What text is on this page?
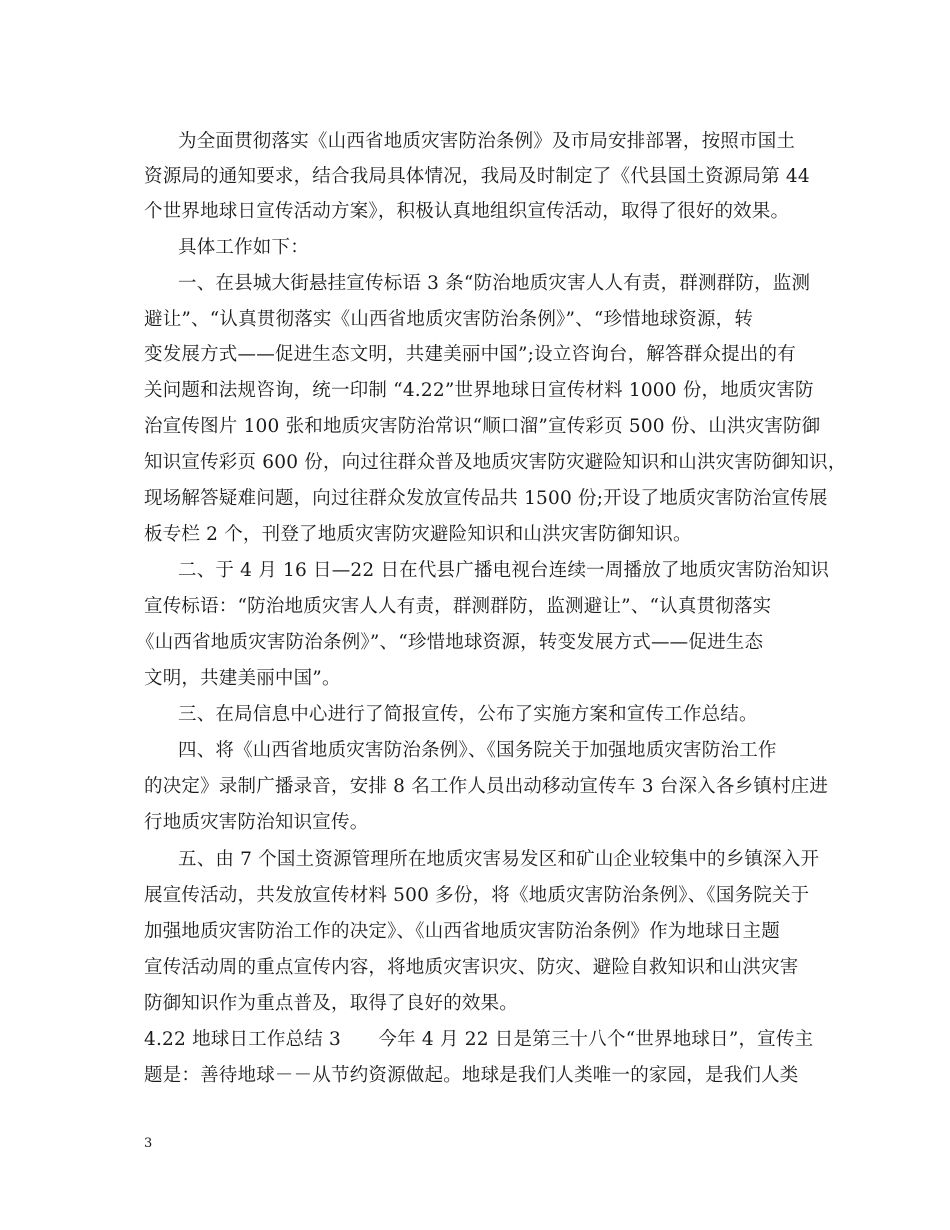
为全面贯彻落实《山西省地质灾害防治条例》及市局安排部署，按照市国土
资源局的通知要求，结合我局具体情况，我局及时制定了《代县国土资源局第 44
个世界地球日宣传活动方案》，积极认真地组织宣传活动，取得了很好的效果。
具体工作如下：
一、在县城大街悬挂宣传标语 3 条“防治地质灾害人人有责，群测群防，监测
避让”、“认真贯彻落实《山西省地质灾害防治条例》”、“珍惜地球资源，转
变发展方式——促进生态文明，共建美丽中国”;设立咨询台，解答群众提出的有
关问题和法规咨询，统一印制 “4.22”世界地球日宣传材料 1000 份，地质灾害防
治宣传图片 100 张和地质灾害防治常识“顺口溜”宣传彩页 500 份、山洪灾害防御
知识宣传彩页 600 份，向过往群众普及地质灾害防灾避险知识和山洪灾害防御知识，
现场解答疑难问题，向过往群众发放宣传品共 1500 份;开设了地质灾害防治宣传展
板专栏 2 个，刊登了地质灾害防灾避险知识和山洪灾害防御知识。
二、于 4 月 16 日—22 日在代县广播电视台连续一周播放了地质灾害防治知识
宣传标语：“防治地质灾害人人有责，群测群防，监测避让”、“认真贯彻落实
《山西省地质灾害防治条例》”、“珍惜地球资源，转变发展方式——促进生态
文明，共建美丽中国”。
三、在局信息中心进行了简报宣传，公布了实施方案和宣传工作总结。
四、将《山西省地质灾害防治条例》、《国务院关于加强地质灾害防治工作
的决定》录制广播录音，安排 8 名工作人员出动移动宣传车 3 台深入各乡镇村庄进
行地质灾害防治知识宣传。
五、由 7 个国土资源管理所在地质灾害易发区和矿山企业较集中的乡镇深入开
展宣传活动，共发放宣传材料 500 多份，将《地质灾害防治条例》、《国务院关于
加强地质灾害防治工作的决定》、《山西省地质灾害防治条例》作为地球日主题
宣传活动周的重点宣传内容，将地质灾害识灾、防灾、避险自救知识和山洪灾害
防御知识作为重点普及，取得了良好的效果。
4.22 地球日工作总结 3　　今年 4 月 22 日是第三十八个“世界地球日”，宣传主
题是：善待地球－－从节约资源做起。地球是我们人类唯一的家园，是我们人类
3
